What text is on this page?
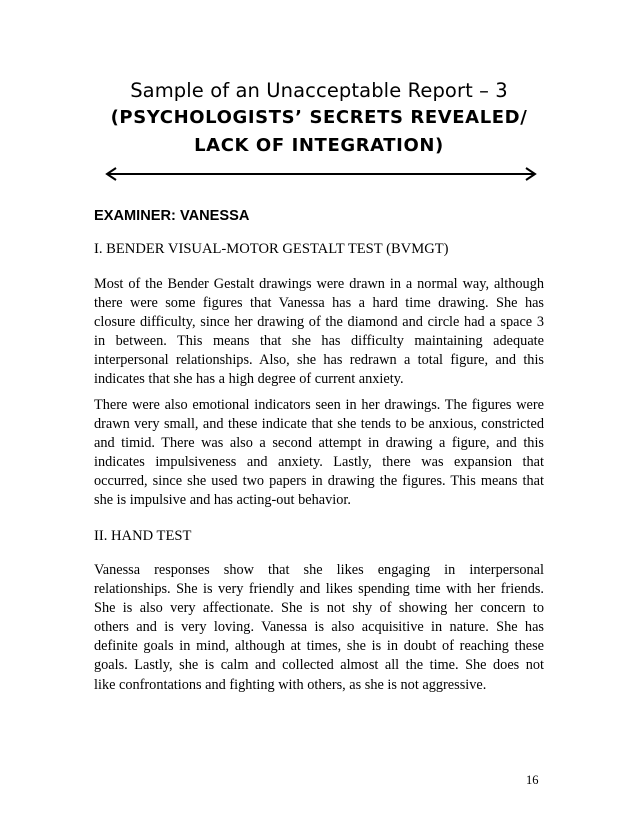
Sample of an Unacceptable Report – 3
(PSYCHOLOGISTS’ SECRETS REVEALED/
LACK OF INTEGRATION)
EXAMINER: VANESSA
I. BENDER VISUAL-MOTOR GESTALT TEST (BVMGT)
Most of the Bender Gestalt drawings were drawn in a normal way, although
there were some figures that Vanessa has a hard time drawing. She has
closure difficulty, since her drawing of the diamond and circle had a space 3
in between. This means that she has difficulty maintaining adequate
interpersonal relationships. Also, she has redrawn a total figure, and this
indicates that she has a high degree of current anxiety.
There were also emotional indicators seen in her drawings. The figures were
drawn very small, and these indicate that she tends to be anxious, constricted
and timid. There was also a second attempt in drawing a figure, and this
indicates impulsiveness and anxiety. Lastly, there was expansion that
occurred, since she used two papers in drawing the figures. This means that
she is impulsive and has acting-out behavior.
II. HAND TEST
Vanessa responses show that she likes engaging in interpersonal
relationships. She is very friendly and likes spending time with her friends.
She is also very affectionate. She is not shy of showing her concern to
others and is very loving. Vanessa is also acquisitive in nature. She has
definite goals in mind, although at times, she is in doubt of reaching these
goals. Lastly, she is calm and collected almost all the time. She does not
like confrontations and fighting with others, as she is not aggressive.
16
